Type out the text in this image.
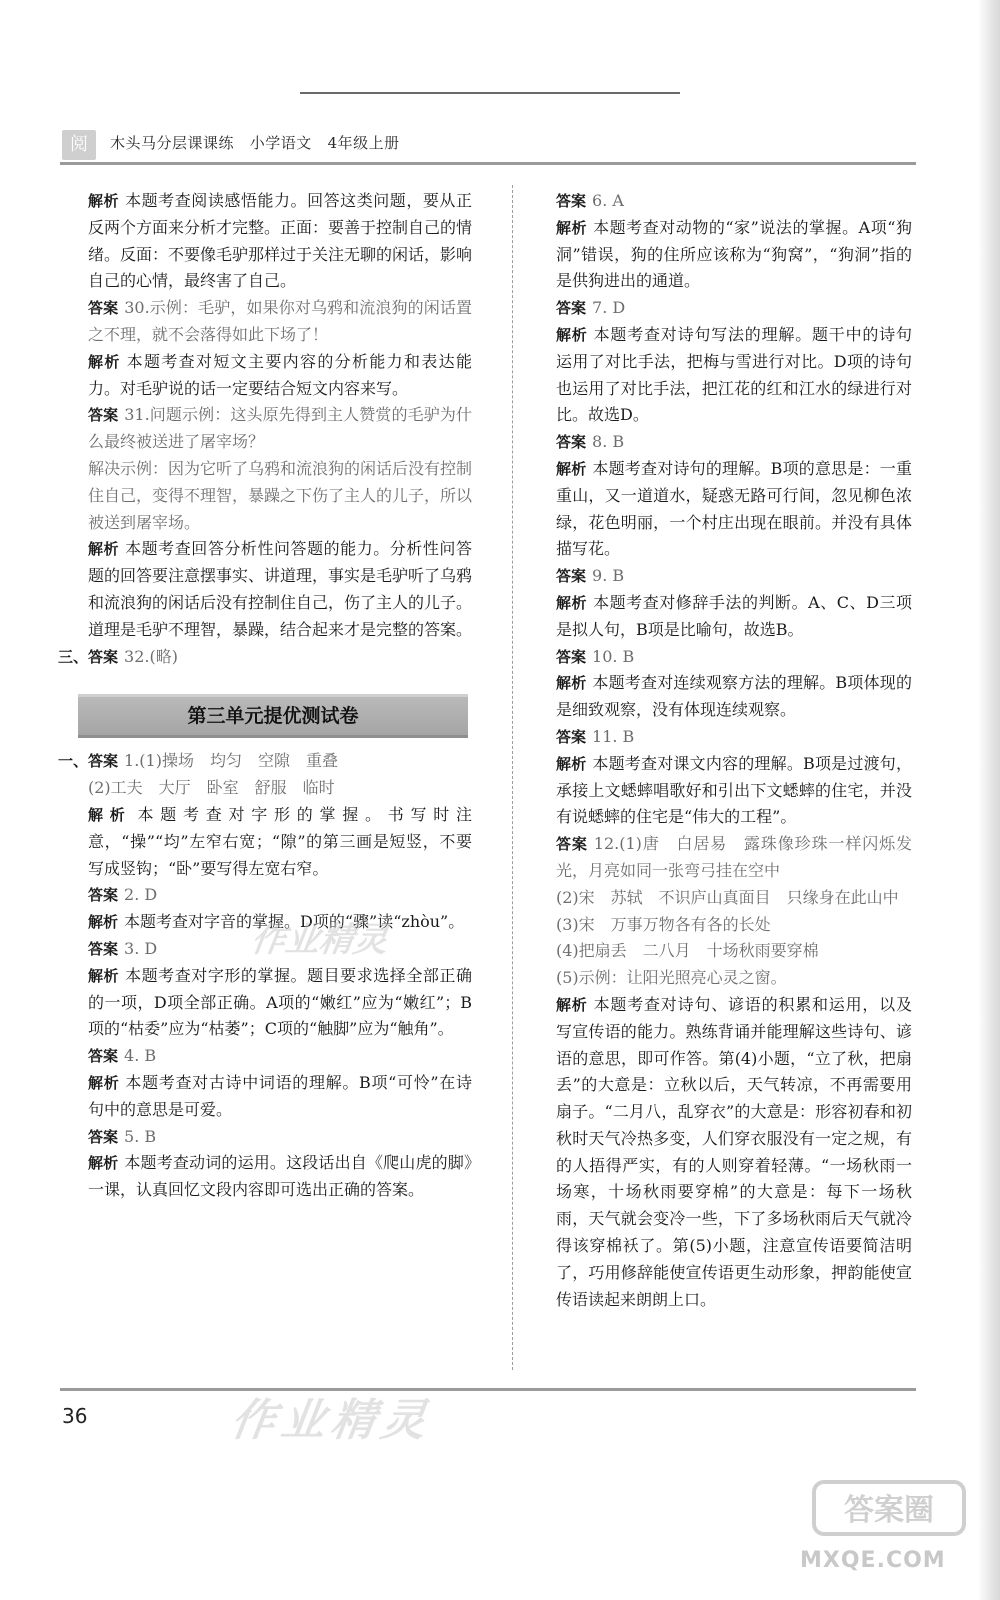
阅	木头马分层课课练   小学语文   4年级上册

解析 本题考查阅读感悟能力。回答这类问题，要从正反两个方面来分析才完整。正面：要善于控制自己的情绪。反面：不要像毛驴那样过于关注无聊的闲话，影响自己的心情，最终害了自己。

答案 30.示例：毛驴，如果你对乌鸦和流浪狗的闲话置之不理，就不会落得如此下场了！

解析 本题考查对短文主要内容的分析能力和表达能力。对毛驴说的话一定要结合短文内容来写。

答案 31.问题示例：这头原先得到主人赞赏的毛驴为什么最终被送进了屠宰场？

解决示例：因为它听了乌鸦和流浪狗的闲话后没有控制住自己，变得不理智，暴躁之下伤了主人的儿子，所以被送到屠宰场。

解析 本题考查回答分析性问答题的能力。分析性问答题的回答要注意摆事实、讲道理，事实是毛驴听了乌鸦和流浪狗的闲话后没有控制住自己，伤了主人的儿子。道理是毛驴不理智，暴躁，结合起来才是完整的答案。

三、答案 32.(略)

第三单元提优测试卷

一、答案 1.(1)操场　均匀　空隙　重叠

(2)工夫　大厅　卧室　舒服　临时

解析 本题考查对字形的掌握。书写时注意，“操”“均”左窄右宽；“隙”的第三画是短竖，不要写成竖钩；“卧”要写得左宽右窄。

答案 2. D

解析 本题考查对字音的掌握。D项的“骤”读“zhòu”。

答案 3. D

解析 本题考查对字形的掌握。题目要求选择全部正确的一项，D项全部正确。A项的“嫩红”应为“嫩红”；B项的“枯委”应为“枯萎”；C项的“触脚”应为“触角”。

答案 4. B

解析 本题考查对古诗中词语的理解。B项“可怜”在诗句中的意思是可爱。

答案 5. B

解析 本题考查动词的运用。这段话出自《爬山虎的脚》一课，认真回忆文段内容即可选出正确的答案。

答案 6. A

解析 本题考查对动物的“家”说法的掌握。A项“狗洞”错误，狗的住所应该称为“狗窝”，“狗洞”指的是供狗进出的通道。

答案 7. D

解析 本题考查对诗句写法的理解。题干中的诗句运用了对比手法，把梅与雪进行对比。D项的诗句也运用了对比手法，把江花的红和江水的绿进行对比。故选D。

答案 8. B

解析 本题考查对诗句的理解。B项的意思是：一重重山，又一道道水，疑惑无路可行间，忽见柳色浓绿，花色明丽，一个村庄出现在眼前。并没有具体描写花。

答案 9. B

解析 本题考查对修辞手法的判断。A、C、D三项是拟人句，B项是比喻句，故选B。

答案 10. B

解析 本题考查对连续观察方法的理解。B项体现的是细致观察，没有体现连续观察。

答案 11. B

解析 本题考查对课文内容的理解。B项是过渡句，承接上文蟋蟀唱歌好和引出下文蟋蟀的住宅，并没有说蟋蟀的住宅是“伟大的工程”。

答案 12.(1)唐　白居易　露珠像珍珠一样闪烁发光，月亮如同一张弯弓挂在空中

(2)宋　苏轼　不识庐山真面目　只缘身在此山中

(3)宋　万事万物各有各的长处

(4)把扇丢　二八月　十场秋雨要穿棉

(5)示例：让阳光照亮心灵之窗。

解析 本题考查对诗句、谚语的积累和运用，以及写宣传语的能力。熟练背诵并能理解这些诗句、谚语的意思，即可作答。第(4)小题，“立了秋，把扇丢”的大意是：立秋以后，天气转凉，不再需要用扇子。“二月八，乱穿衣”的大意是：形容初春和初秋时天气冷热多变，人们穿衣服没有一定之规，有的人捂得严实，有的人则穿着轻薄。“一场秋雨一场寒，十场秋雨要穿棉”的大意是：每下一场秋雨，天气就会变冷一些，下了多场秋雨后天气就冷得该穿棉袄了。第(5)小题，注意宣传语要简洁明了，巧用修辞能使宣传语更生动形象，押韵能使宣传语读起来朗朗上口。

作业精灵
36	作业精灵
答案圈
MXQE.COM
